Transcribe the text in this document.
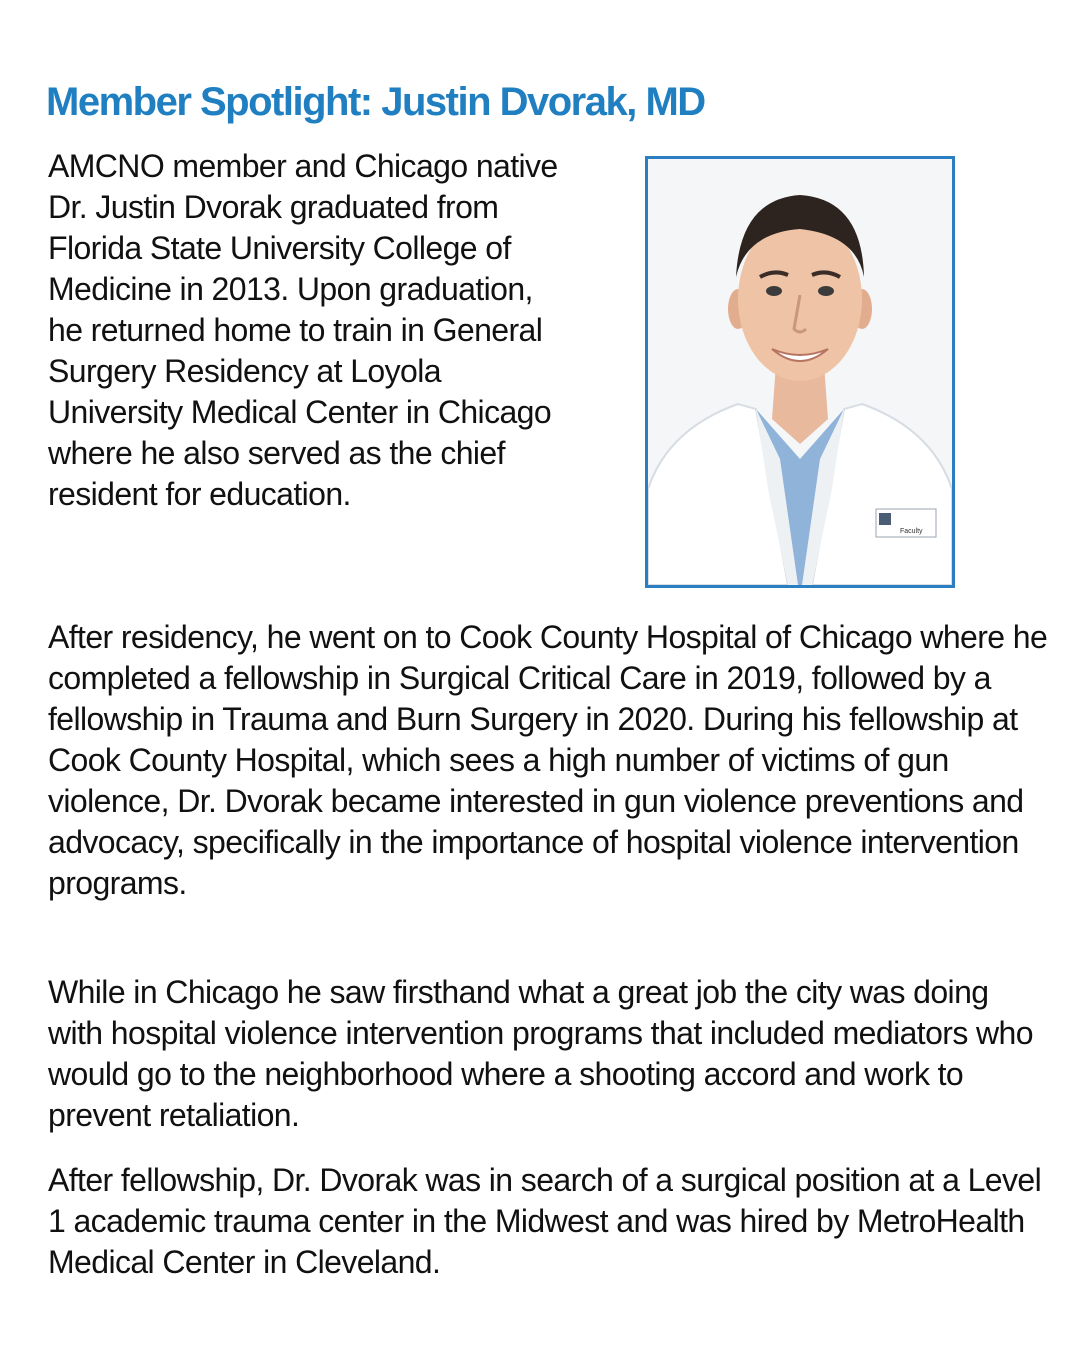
Member Spotlight: Justin Dvorak, MD

AMCNO member and Chicago native Dr. Justin Dvorak graduated from Florida State University College of Medicine in 2013. Upon graduation, he returned home to train in General Surgery Residency at Loyola University Medical Center in Chicago where he also served as the chief resident for education.

Faculty

After residency, he went on to Cook County Hospital of Chicago where he completed a fellowship in Surgical Critical Care in 2019, followed by a fellowship in Trauma and Burn Surgery in 2020. During his fellowship at Cook County Hospital, which sees a high number of victims of gun violence, Dr. Dvorak became interested in gun violence preventions and advocacy, specifically in the importance of hospital violence intervention programs.

While in Chicago he saw firsthand what a great job the city was doing with hospital violence intervention programs that included mediators who would go to the neighborhood where a shooting accord and work to prevent retaliation.

After fellowship, Dr. Dvorak was in search of a surgical position at a Level 1 academic trauma center in the Midwest and was hired by MetroHealth Medical Center in Cleveland.
